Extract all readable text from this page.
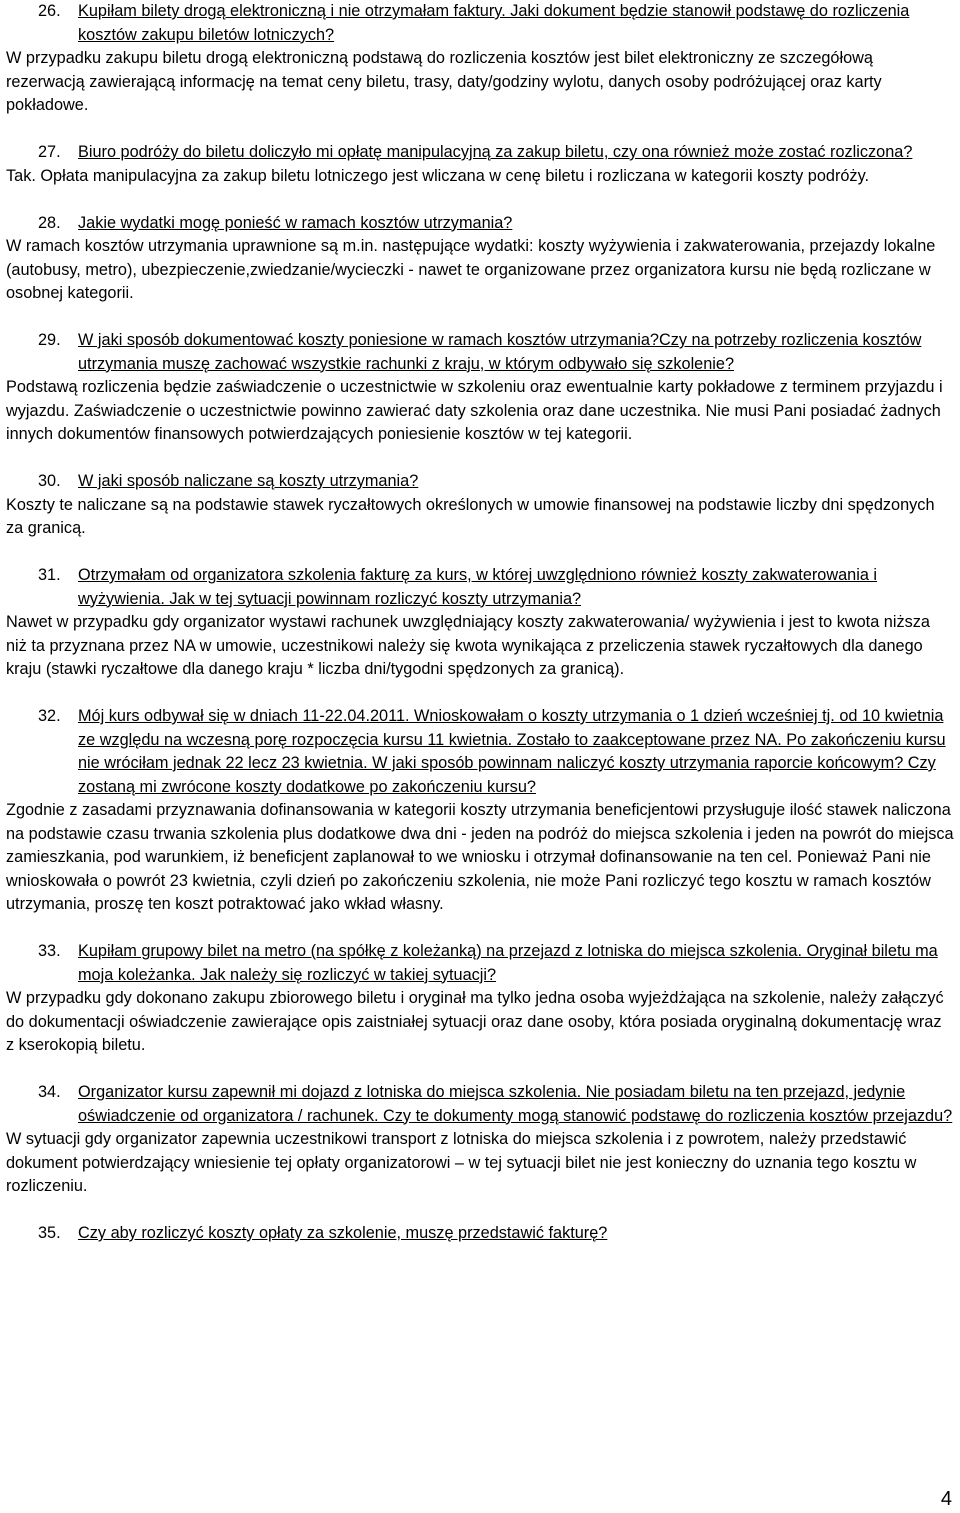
26.	Kupiłam bilety drogą elektroniczną i nie otrzymałam faktury. Jaki dokument będzie stanowił podstawę do rozliczenia kosztów zakupu biletów lotniczych?

W przypadku zakupu biletu drogą elektroniczną podstawą do rozliczenia kosztów jest bilet elektroniczny ze szczegółową rezerwacją zawierającą informację na temat ceny biletu, trasy, daty/godziny wylotu, danych osoby podróżującej oraz karty pokładowe.

27.	Biuro podróży do biletu doliczyło mi opłatę manipulacyjną za zakup biletu, czy ona również może zostać rozliczona?

Tak. Opłata manipulacyjna za zakup biletu lotniczego jest wliczana w cenę biletu i rozliczana w kategorii koszty podróży.

28.	Jakie wydatki mogę ponieść w ramach kosztów utrzymania?

W ramach kosztów utrzymania uprawnione są m.in. następujące wydatki: koszty wyżywienia i zakwaterowania, przejazdy lokalne (autobusy, metro), ubezpieczenie,zwiedzanie/wycieczki - nawet te organizowane przez organizatora kursu nie będą rozliczane w osobnej kategorii.

29.	W jaki sposób dokumentować koszty poniesione w ramach kosztów utrzymania?Czy na potrzeby rozliczenia kosztów utrzymania muszę zachować wszystkie rachunki z kraju, w którym odbywało się szkolenie?

Podstawą rozliczenia będzie zaświadczenie o uczestnictwie w szkoleniu oraz ewentualnie karty pokładowe z terminem przyjazdu i wyjazdu. Zaświadczenie o uczestnictwie powinno zawierać daty szkolenia oraz dane uczestnika. Nie musi Pani posiadać żadnych innych dokumentów finansowych potwierdzających poniesienie kosztów w tej kategorii.

30.	W jaki sposób naliczane są koszty utrzymania?

Koszty te naliczane są na podstawie stawek ryczałtowych określonych w umowie finansowej na podstawie liczby dni spędzonych za granicą.

31.	Otrzymałam od organizatora szkolenia fakturę za kurs, w której uwzględniono również koszty zakwaterowania i wyżywienia. Jak w tej sytuacji powinnam rozliczyć koszty utrzymania?

Nawet w przypadku gdy organizator wystawi rachunek uwzględniający koszty zakwaterowania/ wyżywienia i jest to kwota niższa niż ta przyznana przez NA w umowie, uczestnikowi należy się kwota wynikająca z przeliczenia stawek ryczałtowych dla danego kraju (stawki ryczałtowe dla danego kraju * liczba dni/tygodni spędzonych za granicą).

32.	Mój kurs odbywał się w dniach 11-22.04.2011. Wnioskowałam o koszty utrzymania o 1 dzień wcześniej tj. od 10 kwietnia ze względu na wczesną porę rozpoczęcia kursu 11 kwietnia. Zostało to zaakceptowane przez NA. Po zakończeniu kursu nie wróciłam jednak 22 lecz 23 kwietnia. W jaki sposób powinnam naliczyć koszty utrzymania raporcie końcowym? Czy zostaną mi zwrócone koszty dodatkowe po zakończeniu kursu?

Zgodnie z zasadami przyznawania dofinansowania w kategorii koszty utrzymania beneficjentowi przysługuje ilość stawek naliczona na podstawie czasu trwania szkolenia plus dodatkowe dwa dni - jeden na podróż do miejsca szkolenia i jeden na powrót do miejsca zamieszkania, pod warunkiem, iż beneficjent zaplanował to we wniosku i otrzymał dofinansowanie na ten cel. Ponieważ Pani nie wnioskowała o powrót 23 kwietnia, czyli dzień po zakończeniu szkolenia, nie może Pani rozliczyć tego kosztu w ramach kosztów utrzymania, proszę ten koszt potraktować jako wkład własny.

33.	Kupiłam grupowy bilet na metro (na spółkę z koleżanką) na przejazd z lotniska do miejsca szkolenia. Oryginał biletu ma moja koleżanka. Jak należy się rozliczyć w takiej sytuacji?

W przypadku gdy dokonano zakupu zbiorowego biletu i oryginał ma tylko jedna osoba wyjeżdżająca na szkolenie, należy załączyć do dokumentacji oświadczenie zawierające opis zaistniałej sytuacji oraz dane osoby, która posiada oryginalną dokumentację wraz z kserokopią biletu.

34.	Organizator kursu zapewnił mi dojazd z lotniska do miejsca szkolenia. Nie posiadam biletu na ten przejazd, jedynie oświadczenie od organizatora / rachunek. Czy te dokumenty mogą stanowić podstawę do rozliczenia kosztów przejazdu?

W sytuacji gdy organizator zapewnia uczestnikowi transport z lotniska do miejsca szkolenia i z powrotem, należy przedstawić dokument potwierdzający wniesienie tej opłaty organizatorowi – w tej sytuacji bilet nie jest konieczny do uznania tego kosztu w rozliczeniu.

35.	Czy aby rozliczyć koszty opłaty za szkolenie, muszę przedstawić fakturę?
4
